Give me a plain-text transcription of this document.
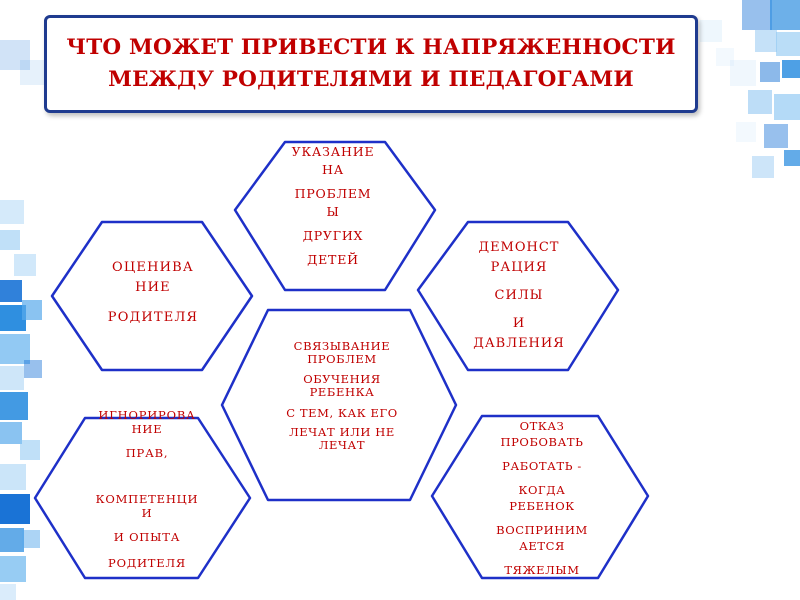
ЧТО МОЖЕТ ПРИВЕСТИ К НАПРЯЖЕННОСТИ
МЕЖДУ РОДИТЕЛЯМИ И ПЕДАГОГАМИ
УКАЗАНИЕ
НА
ПРОБЛЕМ
Ы
ДРУГИХ
ДЕТЕЙ
ОЦЕНИВА
НИЕ
РОДИТЕЛЯ
ДЕМОНСТ
РАЦИЯ
СИЛЫ
И
ДАВЛЕНИЯ
СВЯЗЫВАНИЕ
ПРОБЛЕМ
ОБУЧЕНИЯ
РЕБЕНКА
С ТЕМ, КАК ЕГО
ЛЕЧАТ ИЛИ НЕ
ЛЕЧАТ
ИГНОРИРОВА
НИЕ
ПРАВ,
КОМПЕТЕНЦИ
И
И ОПЫТА
РОДИТЕЛЯ
ОТКАЗ
ПРОБОВАТЬ
РАБОТАТЬ -
КОГДА
РЕБЕНОК
ВОСПРИНИМ
АЕТСЯ
ТЯЖЕЛЫМ
